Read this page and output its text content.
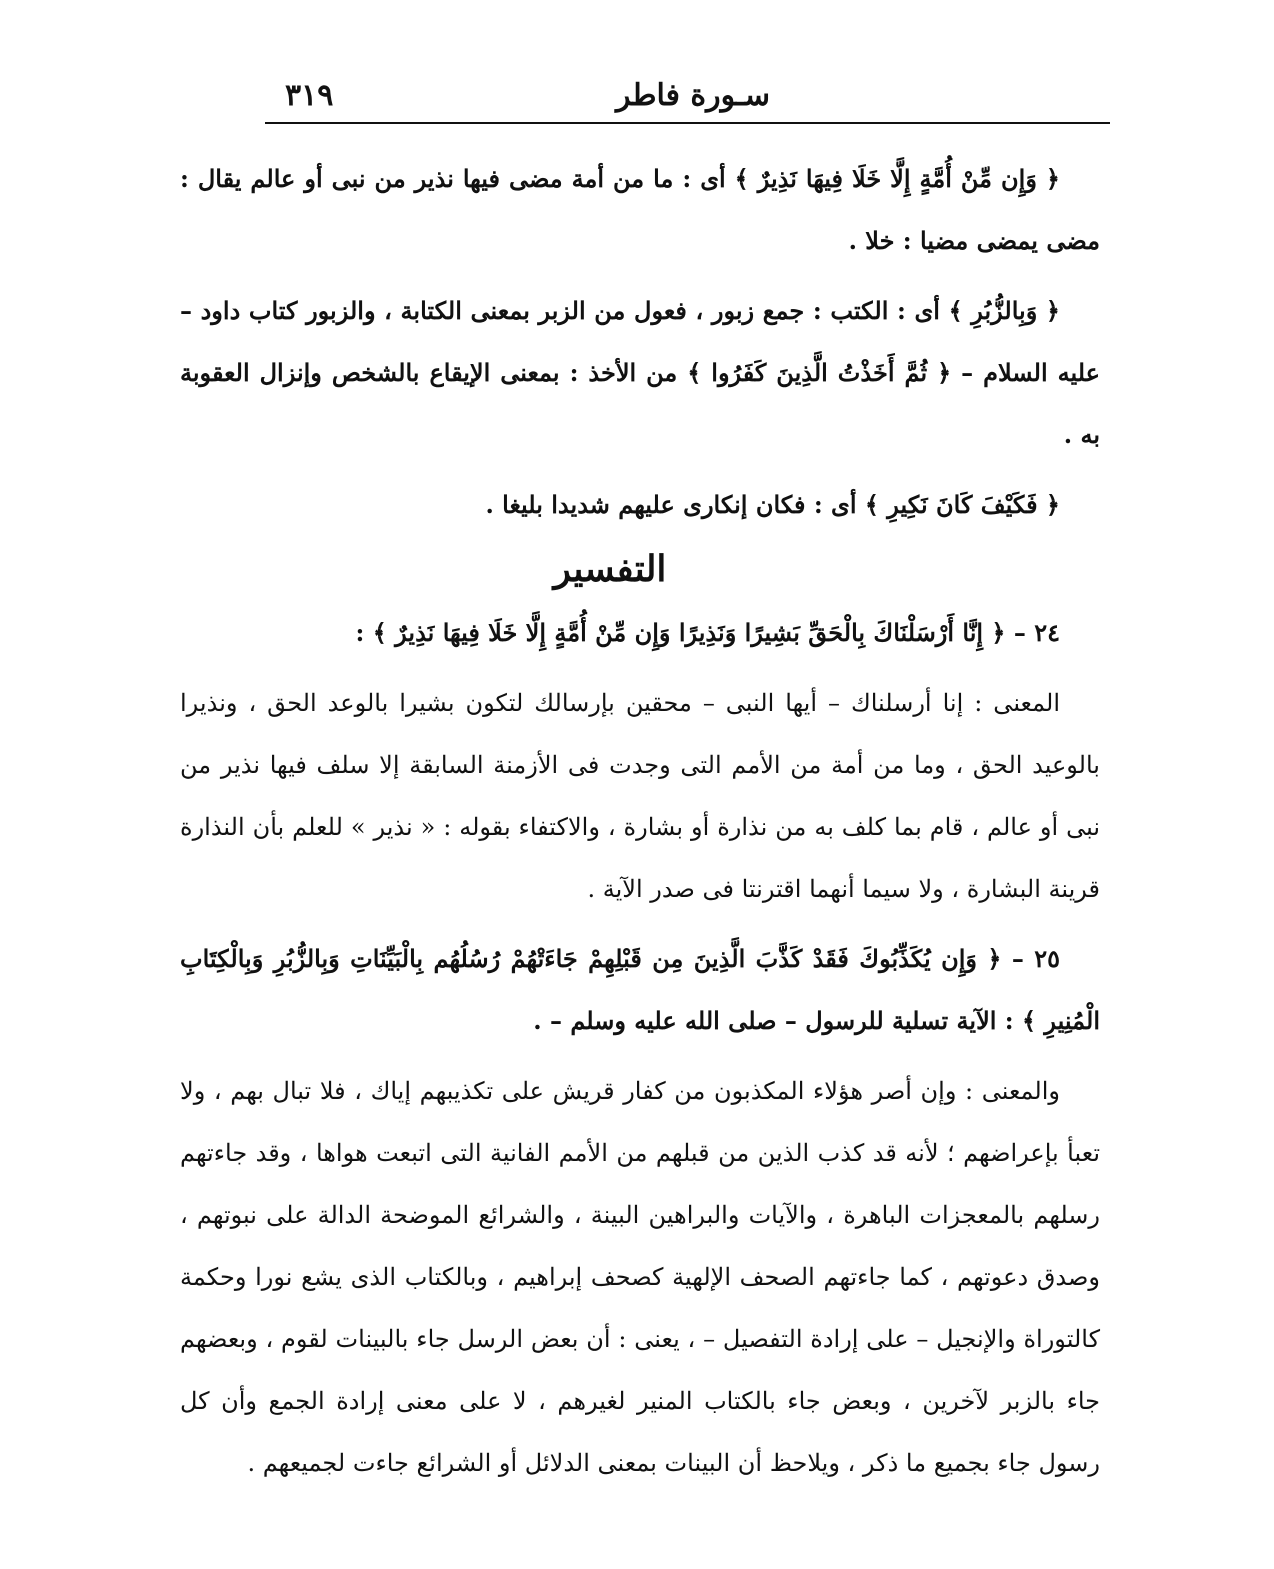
سـورة فاطر
٣١٩

﴿ وَإِن مِّنْ أُمَّةٍ إِلَّا خَلَا فِيهَا نَذِيرٌ ﴾ أى : ما من أمة مضى فيها نذير من نبى أو عالم يقال : مضى يمضى مضيا : خلا .

﴿ وَبِالزُّبُرِ ﴾ أى : الكتب : جمع زبور ، فعول من الزبر بمعنى الكتابة ، والزبور كتاب داود – عليه السلام – ﴿ ثُمَّ أَخَذْتُ الَّذِينَ كَفَرُوا ﴾ من الأخذ : بمعنى الإيقاع بالشخص وإنزال العقوبة به .

﴿ فَكَيْفَ كَانَ نَكِيرِ ﴾ أى : فكان إنكارى عليهم شديدا بليغا .

التفسير

٢٤ – ﴿ إِنَّا أَرْسَلْنَاكَ بِالْحَقِّ بَشِيرًا وَنَذِيرًا وَإِن مِّنْ أُمَّةٍ إِلَّا خَلَا فِيهَا نَذِيرٌ ﴾ :

المعنى : إنا أرسلناك – أيها النبى – محقين بإرسالك لتكون بشيرا بالوعد الحق ، ونذيرا بالوعيد الحق ، وما من أمة من الأمم التى وجدت فى الأزمنة السابقة إلا سلف فيها نذير من نبى أو عالم ، قام بما كلف به من نذارة أو بشارة ، والاكتفاء بقوله : « نذير » للعلم بأن النذارة قرينة البشارة ، ولا سيما أنهما اقترنتا فى صدر الآية .

٢٥ – ﴿ وَإِن يُكَذِّبُوكَ فَقَدْ كَذَّبَ الَّذِينَ مِن قَبْلِهِمْ جَاءَتْهُمْ رُسُلُهُم بِالْبَيِّنَاتِ وَبِالزُّبُرِ وَبِالْكِتَابِ الْمُنِيرِ ﴾ : الآية تسلية للرسول – صلى الله عليه وسلم – .

والمعنى : وإن أصر هؤلاء المكذبون من كفار قريش على تكذيبهم إياك ، فلا تبال بهم ، ولا تعبأ بإعراضهم ؛ لأنه قد كذب الذين من قبلهم من الأمم الفانية التى اتبعت هواها ، وقد جاءتهم رسلهم بالمعجزات الباهرة ، والآيات والبراهين البينة ، والشرائع الموضحة الدالة على نبوتهم ، وصدق دعوتهم ، كما جاءتهم الصحف الإلهية كصحف إبراهيم ، وبالكتاب الذى يشع نورا وحكمة كالتوراة والإنجيل – على إرادة التفصيل – ، يعنى : أن بعض الرسل جاء بالبينات لقوم ، وبعضهم جاء بالزبر لآخرين ، وبعض جاء بالكتاب المنير لغيرهم ، لا على معنى إرادة الجمع وأن كل رسول جاء بجميع ما ذكر ، ويلاحظ أن البينات بمعنى الدلائل أو الشرائع جاءت لجميعهم .
